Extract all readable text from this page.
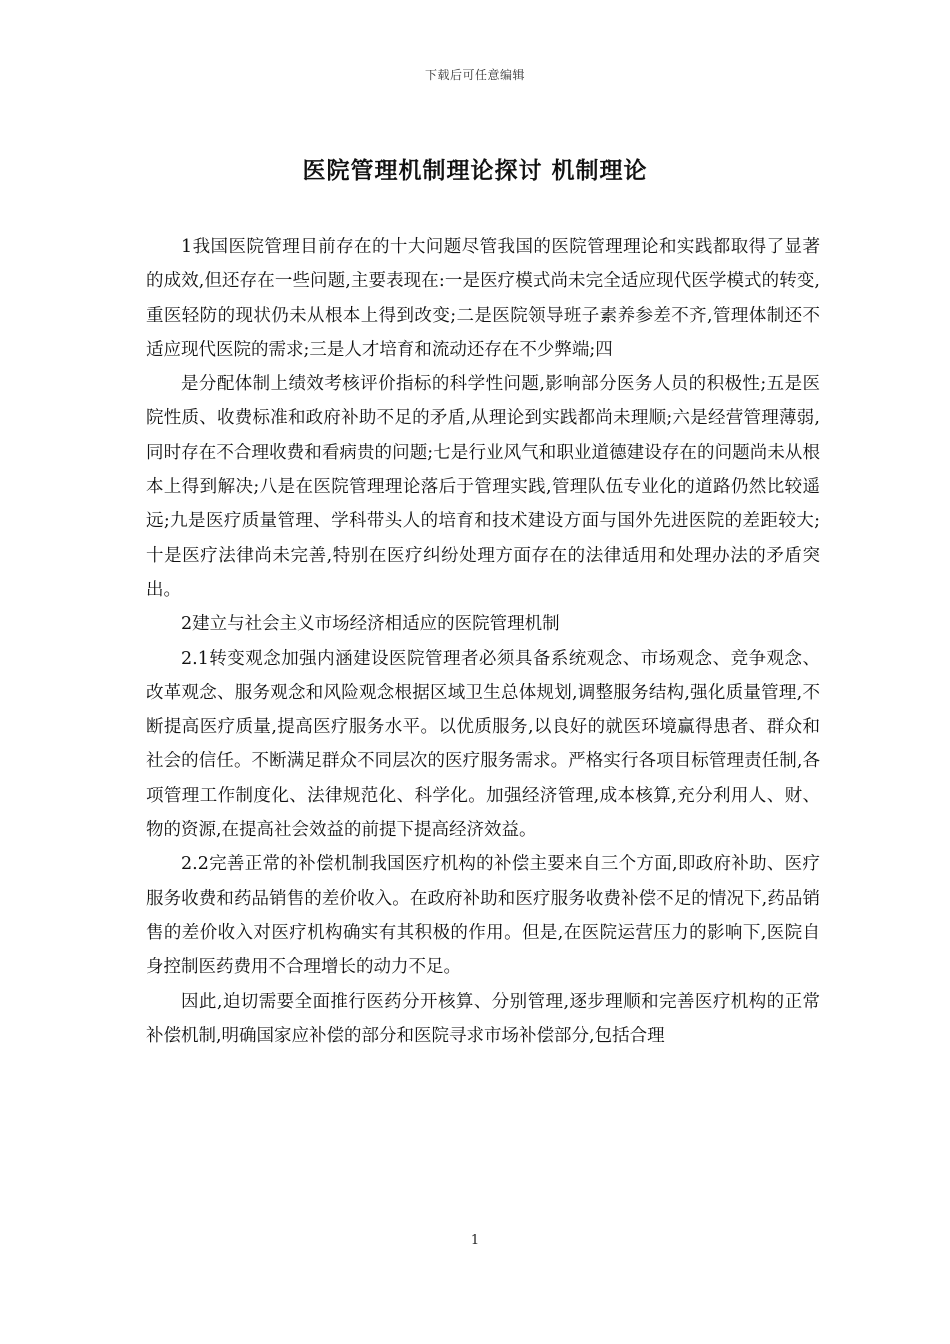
下载后可任意编辑
医院管理机制理论探讨 机制理论

1我国医院管理目前存在的十大问题尽管我国的医院管理理论和实践都取得了显著的成效,但还存在一些问题,主要表现在:一是医疗模式尚未完全适应现代医学模式的转变,重医轻防的现状仍未从根本上得到改变;二是医院领导班子素养参差不齐,管理体制还不适应现代医院的需求;三是人才培育和流动还存在不少弊端;四

是分配体制上绩效考核评价指标的科学性问题,影响部分医务人员的积极性;五是医院性质、收费标准和政府补助不足的矛盾,从理论到实践都尚未理顺;六是经营管理薄弱,同时存在不合理收费和看病贵的问题;七是行业风气和职业道德建设存在的问题尚未从根本上得到解决;八是在医院管理理论落后于管理实践,管理队伍专业化的道路仍然比较遥远;九是医疗质量管理、学科带头人的培育和技术建设方面与国外先进医院的差距较大;十是医疗法律尚未完善,特别在医疗纠纷处理方面存在的法律适用和处理办法的矛盾突出。

2建立与社会主义市场经济相适应的医院管理机制

2.1转变观念加强内涵建设医院管理者必须具备系统观念、市场观念、竞争观念、改革观念、服务观念和风险观念根据区域卫生总体规划,调整服务结构,强化质量管理,不断提高医疗质量,提高医疗服务水平。以优质服务,以良好的就医环境赢得患者、群众和社会的信任。不断满足群众不同层次的医疗服务需求。严格实行各项目标管理责任制,各项管理工作制度化、法律规范化、科学化。加强经济管理,成本核算,充分利用人、财、物的资源,在提高社会效益的前提下提高经济效益。

2.2完善正常的补偿机制我国医疗机构的补偿主要来自三个方面,即政府补助、医疗服务收费和药品销售的差价收入。在政府补助和医疗服务收费补偿不足的情况下,药品销售的差价收入对医疗机构确实有其积极的作用。但是,在医院运营压力的影响下,医院自身控制医药费用不合理增长的动力不足。

因此,迫切需要全面推行医药分开核算、分别管理,逐步理顺和完善医疗机构的正常补偿机制,明确国家应补偿的部分和医院寻求市场补偿部分,包括合理

1
